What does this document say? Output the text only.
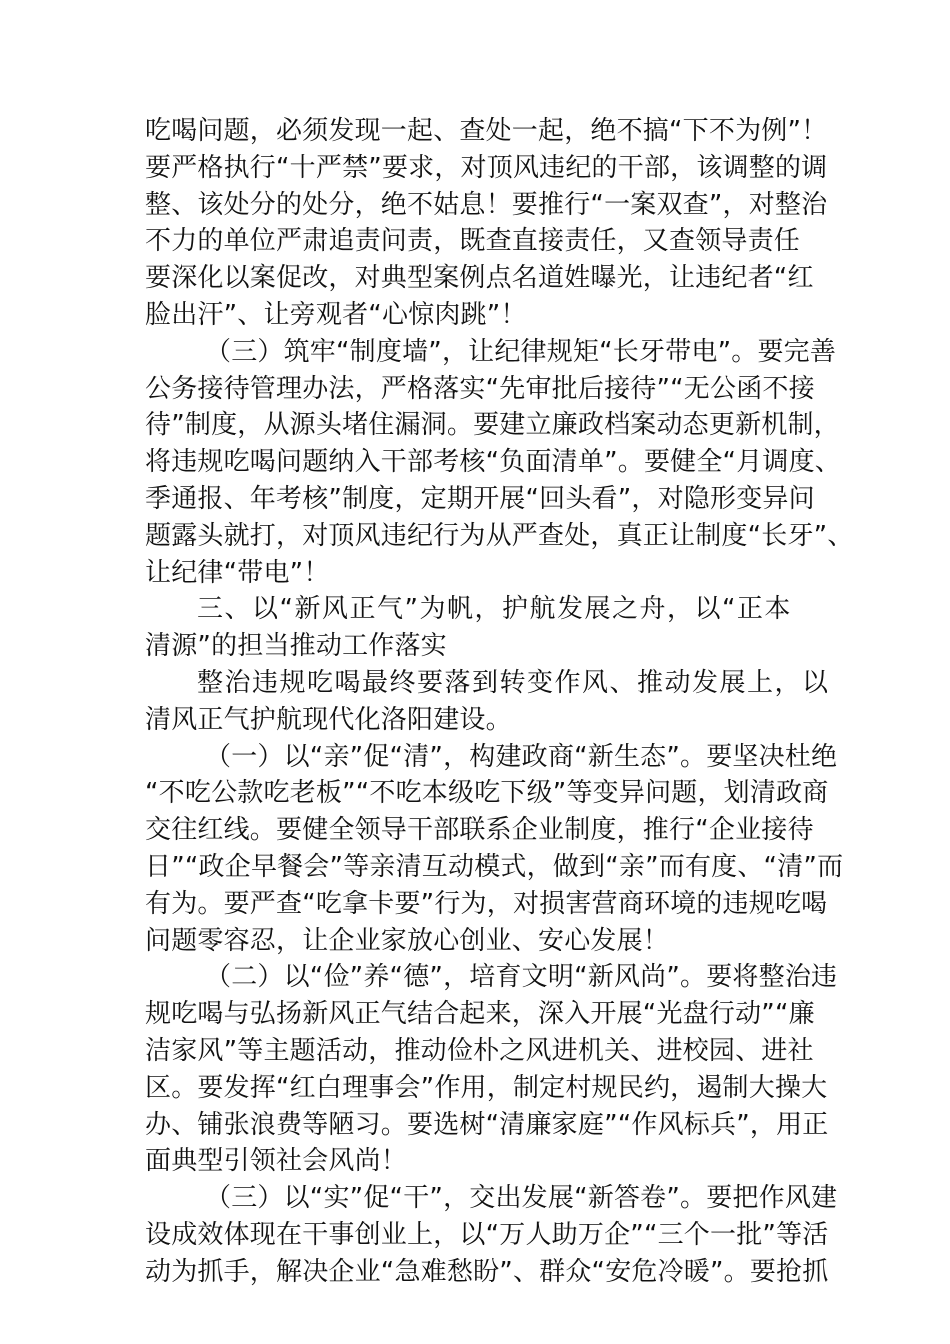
吃喝问题，必须发现一起、查处一起，绝不搞“下不为例”！
要严格执行“十严禁”要求，对顶风违纪的干部，该调整的调
整、该处分的处分，绝不姑息！要推行“一案双查”，对整治
不力的单位严肃追责问责，既查直接责任，又查领导责任
要深化以案促改，对典型案例点名道姓曝光，让违纪者“红
脸出汗”、让旁观者“心惊肉跳”！
（三）筑牢“制度墙”，让纪律规矩“长牙带电”。要完善
公务接待管理办法，严格落实“先审批后接待”“无公函不接
待”制度，从源头堵住漏洞。要建立廉政档案动态更新机制，
将违规吃喝问题纳入干部考核“负面清单”。要健全“月调度、
季通报、年考核”制度，定期开展“回头看”，对隐形变异问
题露头就打，对顶风违纪行为从严查处，真正让制度“长牙”、
让纪律“带电”！
三、以“新风正气”为帆，护航发展之舟，以“正本
清源”的担当推动工作落实
整治违规吃喝最终要落到转变作风、推动发展上，以
清风正气护航现代化洛阳建设。
（一）以“亲”促“清”，构建政商“新生态”。要坚决杜绝
“不吃公款吃老板”“不吃本级吃下级”等变异问题，划清政商
交往红线。要健全领导干部联系企业制度，推行“企业接待
日”“政企早餐会”等亲清互动模式，做到“亲”而有度、“清”而
有为。要严查“吃拿卡要”行为，对损害营商环境的违规吃喝
问题零容忍，让企业家放心创业、安心发展！
（二）以“俭”养“德”，培育文明“新风尚”。要将整治违
规吃喝与弘扬新风正气结合起来，深入开展“光盘行动”“廉
洁家风”等主题活动，推动俭朴之风进机关、进校园、进社
区。要发挥“红白理事会”作用，制定村规民约，遏制大操大
办、铺张浪费等陋习。要选树“清廉家庭”“作风标兵”，用正
面典型引领社会风尚！
（三）以“实”促“干”，交出发展“新答卷”。要把作风建
设成效体现在干事创业上，以“万人助万企”“三个一批”等活
动为抓手，解决企业“急难愁盼”、群众“安危冷暖”。要抢抓
